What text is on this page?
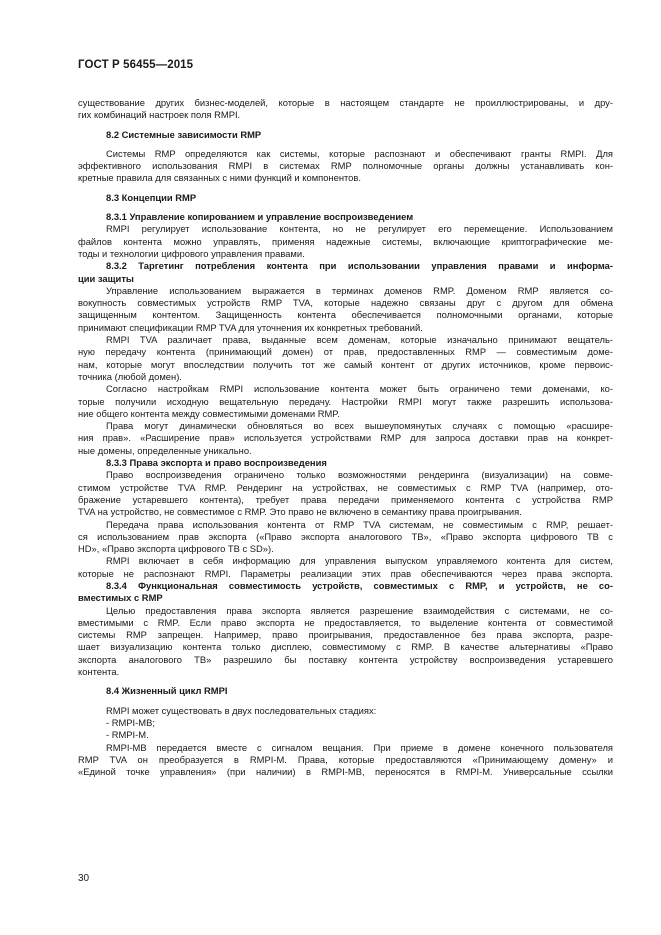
ГОСТ Р 56455—2015
существование других бизнес-моделей, которые в настоящем стандарте не проиллюстрированы, и дру-
гих комбинаций настроек поля RMPI.
8.2 Системные зависимости RMP
Системы RMP определяются как системы, которые распознают и обеспечивают гранты RMPI. Для
эффективного использования RMPI в системах RMP полномочные органы должны устанавливать кон-
кретные правила для связанных с ними функций и компонентов.
8.3 Концепции RMP
8.3.1 Управление копированием и управление воспроизведением
RMPI регулирует использование контента, но не регулирует его перемещение. Использованием
файлов контента можно управлять, применяя надежные системы, включающие криптографические ме-
тоды и технологии цифрового управления правами.
8.3.2 Таргетинг потребления контента при использовании управления правами и информа-
ции защиты
Управление использованием выражается в терминах доменов RMP. Доменом RMP является со-
вокупность совместимых устройств RMP TVA, которые надежно связаны друг с другом для обмена
защищенным контентом. Защищенность контента обеспечивается полномочными органами, которые
принимают спецификации RMP TVA для уточнения их конкретных требований.
RMPI TVA различает права, выданные всем доменам, которые изначально принимают вещатель-
ную передачу контента (принимающий домен) от прав, предоставленных RMP — совместимым доме-
нам, которые могут впоследствии получить тот же самый контент от других источников, кроме первоис-
точника (любой домен).
Согласно настройкам RMPI использование контента может быть ограничено теми доменами, ко-
торые получили исходную вещательную передачу. Настройки RMPI могут также разрешить использова-
ние общего контента между совместимыми доменами RMP.
Права могут динамически обновляться во всех вышеупомянутых случаях с помощью «расшире-
ния прав». «Расширение прав» используется устройствами RMP для запроса доставки прав на конкрет-
ные домены, определенные уникально.
8.3.3 Права экспорта и право воспроизведения
Право воспроизведения ограничено только возможностями рендеринга (визуализации) на совме-
стимом устройстве TVA RMP. Рендеринг на устройствах, не совместимых с RMP TVA (например, ото-
бражение устаревшего контента), требует права передачи применяемого контента с устройства RMP
TVA на устройство, не совместимое с RMP. Это право не включено в семантику права проигрывания.
Передача права использования контента от RMP TVA системам, не совместимым с RMP, решает-
ся использованием прав экспорта («Право экспорта аналогового ТВ», «Право экспорта цифрового ТВ с
HD», «Право экспорта цифрового ТВ с SD»).
RMPI включает в себя информацию для управления выпуском управляемого контента для систем,
которые не распознают RMPI. Параметры реализации этих прав обеспечиваются через права экспорта.
8.3.4 Функциональная совместимость устройств, совместимых с RMP, и устройств, не со-
вместимых с RMP
Целью предоставления права экспорта является разрешение взаимодействия с системами, не со-
вместимыми с RMP. Если право экспорта не предоставляется, то выделение контента от совместимой
системы RMP запрещен. Например, право проигрывания, предоставленное без права экспорта, разре-
шает визуализацию контента только дисплею, совместимому с RMP. В качестве альтернативы «Право
экспорта аналогового ТВ» разрешило бы поставку контента устройству воспроизведения устаревшего
контента.
8.4 Жизненный цикл RMPI
RMPI может существовать в двух последовательных стадиях:
- RMPI-MB;
- RMPI-M.
RMPI-MB передается вместе с сигналом вещания. При приеме в домене конечного пользователя
RMP TVA он преобразуется в RMPI-M. Права, которые предоставляются «Принимающему домену» и
«Единой точке управления» (при наличии) в RMPI-MB, переносятся в RMPI-M. Универсальные ссылки
30
